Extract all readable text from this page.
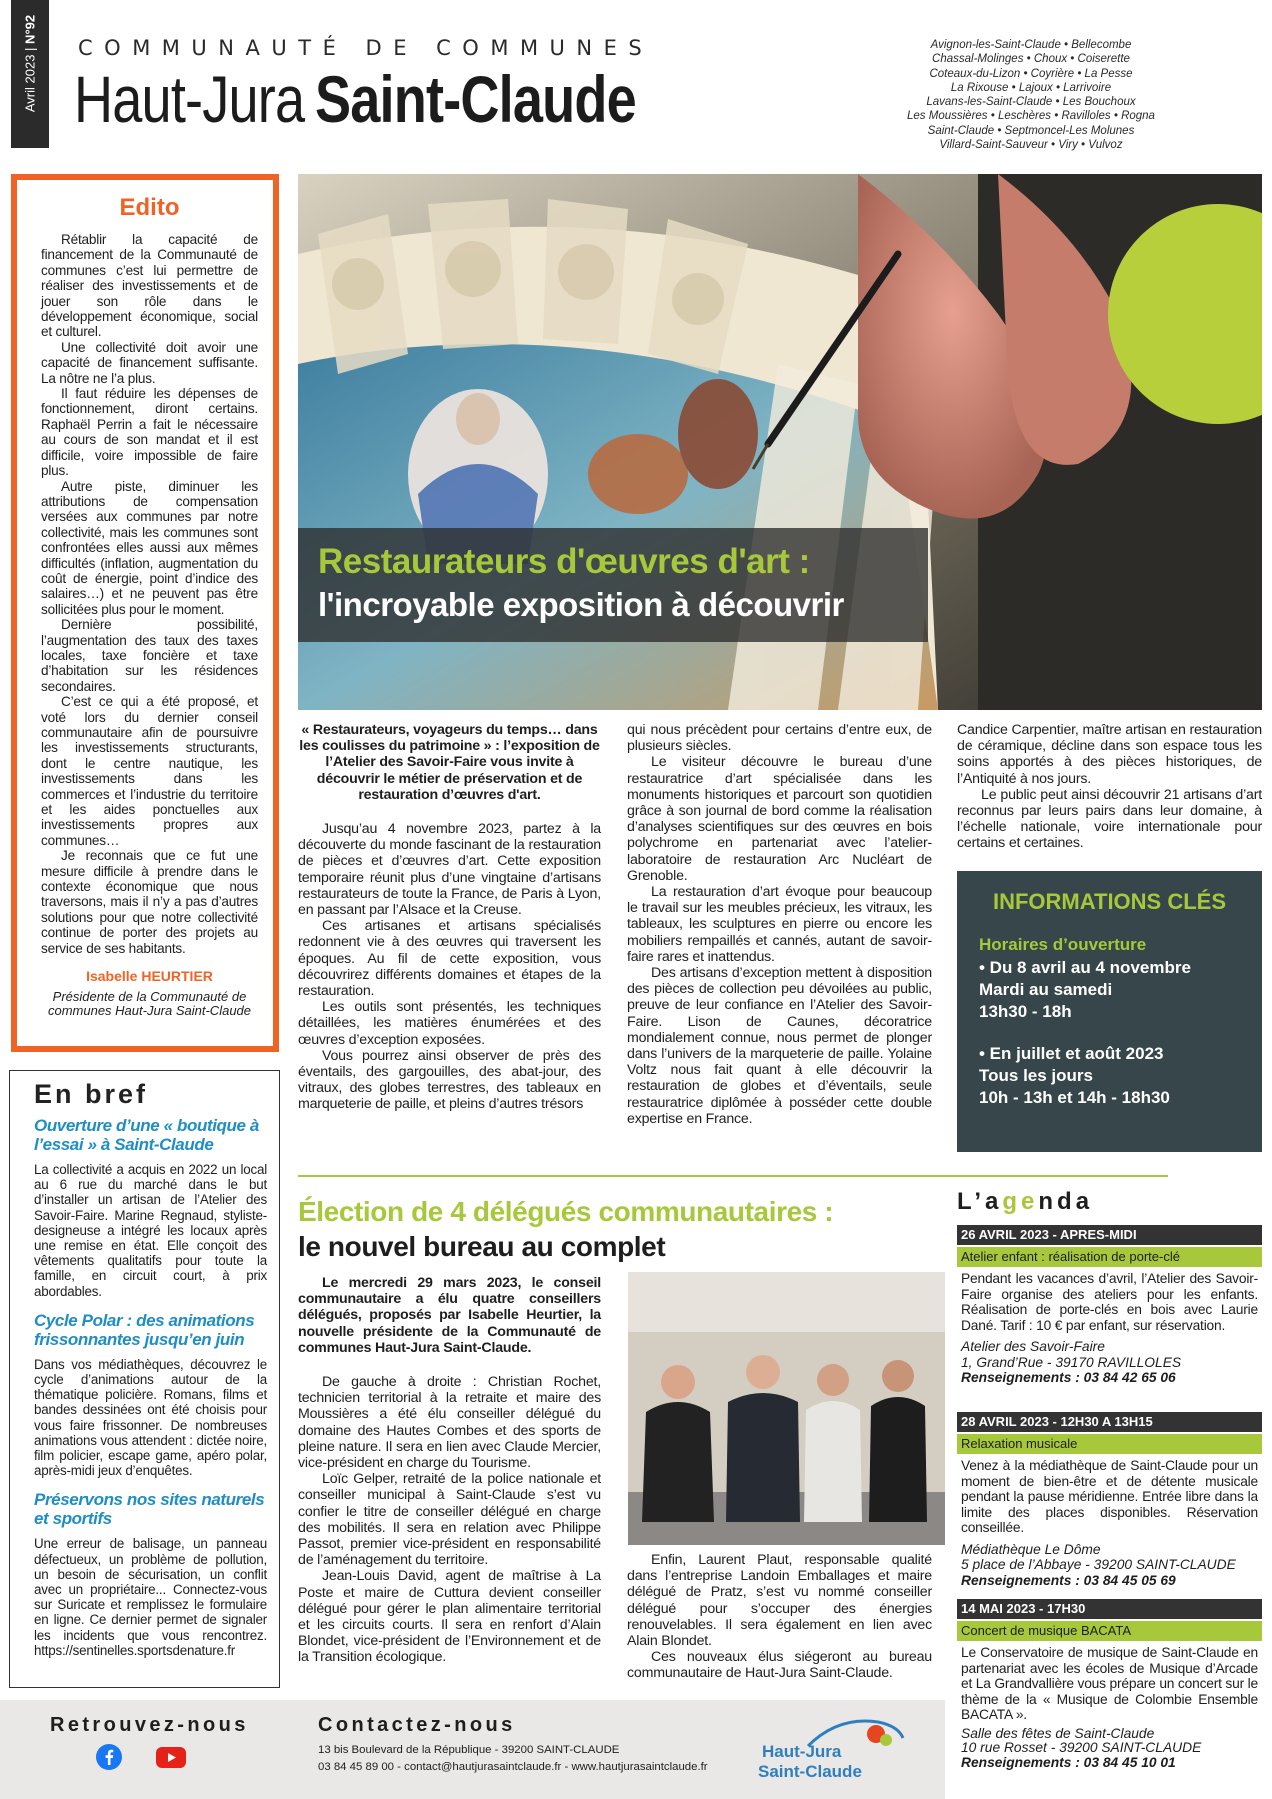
Avril 2023 | N°92
COMMUNAUTÉ DE COMMUNES
Haut-JuraSaint-Claude
Avignon-les-Saint-Claude • Bellecombe
Chassal-Molinges • Choux • Coiserette
Coteaux-du-Lizon • Coyrière • La Pesse
La Rixouse • Lajoux • Larrivoire
Lavans-les-Saint-Claude • Les Bouchoux
Les Moussières • Leschères • Ravilloles • Rogna
Saint-Claude • Septmoncel-Les Molunes
Villard-Saint-Sauveur • Viry • Vulvoz
Edito

Rétablir la capacité de financement de la Communauté de communes c’est lui permettre de réaliser des investissements et de jouer son rôle dans le développement économique, social et culturel.

Une collectivité doit avoir une capacité de financement suffisante. La nôtre ne l’a plus.

Il faut réduire les dépenses de fonctionnement, diront certains. Raphaël Perrin a fait le nécessaire au cours de son mandat et il est difficile, voire impossible de faire plus.

Autre piste, diminuer les attributions de compensation versées aux communes par notre collectivité, mais les communes sont confrontées elles aussi aux mêmes difficultés (inflation, augmentation du coût de énergie, point d’indice des salaires…) et ne peuvent pas être sollicitées plus pour le moment.

Dernière possibilité, l’augmentation des taux des taxes locales, taxe foncière et taxe d’habitation sur les résidences secondaires.

C’est ce qui a été proposé, et voté lors du dernier conseil communautaire afin de poursuivre les investissements structurants, dont le centre nautique, les investissements dans les commerces et l’industrie du territoire et les aides ponctuelles aux investissements propres aux communes…

Je reconnais que ce fut une mesure difficile à prendre dans le contexte économique que nous traversons, mais il n’y a pas d’autres solutions pour que notre collectivité continue de porter des projets au service de ses habitants.

Isabelle HEURTIER
Présidente de la Communauté de communes Haut-Jura Saint-Claude
En bref
Ouverture d’une « boutique à l’essai » à Saint-Claude

La collectivité a acquis en 2022 un local au 6 rue du marché dans le but d’installer un artisan de l’Atelier des Savoir-Faire. Marine Regnaud, styliste-designeuse a intégré les locaux après une remise en état. Elle conçoit des vêtements qualitatifs pour toute la famille, en circuit court, à prix abordables.

Cycle Polar : des animations frissonnantes jusqu’en juin

Dans vos médiathèques, découvrez le cycle d’animations autour de la thématique policière. Romans, films et bandes dessinées ont été choisis pour vous faire frissonner. De nombreuses animations vous attendent : dictée noire, film policier, escape game, apéro polar, après-midi jeux d’enquêtes.

Préservons nos sites naturels et sportifs

Une erreur de balisage, un panneau défectueux, un problème de pollution, un besoin de sécurisation, un conflit avec un propriétaire... Connectez-vous sur Suricate et remplissez le formulaire en ligne. Ce dernier permet de signaler les incidents que vous rencontrez. https://sentinelles.sportsdenature.fr

Restaurateurs d'œuvres d'art :
l'incroyable exposition à découvrir

« Restaurateurs, voyageurs du temps… dans les coulisses du patrimoine » : l’exposition de l’Atelier des Savoir-Faire vous invite à découvrir le métier de préservation et de restauration d’œuvres d'art.

Jusqu’au 4 novembre 2023, partez à la découverte du monde fascinant de la restauration de pièces et d’œuvres d’art. Cette exposition temporaire réunit plus d’une vingtaine d’artisans restaurateurs de toute la France, de Paris à Lyon, en passant par l’Alsace et la Creuse.

Ces artisanes et artisans spécialisés redonnent vie à des œuvres qui traversent les époques. Au fil de cette exposition, vous découvrirez différents domaines et étapes de la restauration.

Les outils sont présentés, les techniques détaillées, les matières énumérées et des œuvres d’exception exposées.

Vous pourrez ainsi observer de près des éventails, des gargouilles, des abat-jour, des vitraux, des globes terrestres, des tableaux en marqueterie de paille, et pleins d’autres trésors

qui nous précèdent pour certains d’entre eux, de plusieurs siècles.

Le visiteur découvre le bureau d’une restauratrice d’art spécialisée dans les monuments historiques et parcourt son quotidien grâce à son journal de bord comme la réalisation d’analyses scientifiques sur des œuvres en bois polychrome en partenariat avec l’atelier-laboratoire de restauration Arc Nucléart de Grenoble.

La restauration d’art évoque pour beaucoup le travail sur les meubles précieux, les vitraux, les tableaux, les sculptures en pierre ou encore les mobiliers rempaillés et cannés, autant de savoir-faire rares et inattendus.

Des artisans d’exception mettent à disposition des pièces de collection peu dévoilées au public, preuve de leur confiance en l’Atelier des Savoir-Faire. Lison de Caunes, décoratrice mondialement connue, nous permet de plonger dans l’univers de la marqueterie de paille. Yolaine Voltz nous fait quant à elle découvrir la restauration de globes et d’éventails, seule restauratrice diplômée à posséder cette double expertise en France.

Candice Carpentier, maître artisan en restauration de céramique, décline dans son espace tous les soins apportés à des pièces historiques, de l’Antiquité à nos jours.

Le public peut ainsi découvrir 21 artisans d’art reconnus par leurs pairs dans leur domaine, à l’échelle nationale, voire internationale pour certains et certaines.

INFORMATIONS CLÉS
Horaires d’ouverture

• Du 8 avril au 4 novembre

Mardi au samedi

13h30 - 18h

• En juillet et août 2023

Tous les jours

10h - 13h et 14h - 18h30

Élection de 4 délégués communautaires :
le nouvel bureau au complet

Le mercredi 29 mars 2023, le conseil communautaire a élu quatre conseillers délégués, proposés par Isabelle Heurtier, la nouvelle présidente de la Communauté de communes Haut-Jura Saint-Claude.

De gauche à droite : Christian Rochet, technicien territorial à la retraite et maire des Moussières a été élu conseiller délégué du domaine des Hautes Combes et des sports de pleine nature. Il sera en lien avec Claude Mercier, vice-président en charge du Tourisme.

Loïc Gelper, retraité de la police nationale et conseiller municipal à Saint-Claude s’est vu confier le titre de conseiller délégué en charge des mobilités. Il sera en relation avec Philippe Passot, premier vice-président en responsabilité de l’aménagement du territoire.

Jean-Louis David, agent de maîtrise à La Poste et maire de Cuttura devient conseiller délégué pour gérer le plan alimentaire territorial et les circuits courts. Il sera en renfort d’Alain Blondet, vice-président de l’Environnement et de la Transition écologique.

Enfin, Laurent Plaut, responsable qualité dans l’entreprise Landoin Emballages et maire délégué de Pratz, s’est vu nommé conseiller délégué pour s’occuper des énergies renouvelables. Il sera également en lien avec Alain Blondet.

Ces nouveaux élus siégeront au bureau communautaire de Haut-Jura Saint-Claude.

L’agenda
26 AVRIL 2023 - APRES-MIDI
Atelier enfant : réalisation de porte-clé
Pendant les vacances d’avril, l’Atelier des Savoir-Faire organise des ateliers pour les enfants. Réalisation de porte-clés en bois avec Laurie Dané. Tarif : 10 € par enfant, sur réservation.
Atelier des Savoir-Faire
1, Grand’Rue - 39170 RAVILLOLES
Renseignements : 03 84 42 65 06
28 AVRIL 2023 - 12H30 A 13H15
Relaxation musicale
Venez à la médiathèque de Saint-Claude pour un moment de bien-être et de détente musicale pendant la pause méridienne. Entrée libre dans la limite des places disponibles. Réservation conseillée.
Médiathèque Le Dôme
5 place de l’Abbaye - 39200 SAINT-CLAUDE
Renseignements : 03 84 45 05 69
14 MAI 2023 - 17H30
Concert de musique BACATA
Le Conservatoire de musique de Saint-Claude en partenariat avec les écoles de Musique d’Arcade et La Grandvallière vous prépare un concert sur le thème de la « Musique de Colombie Ensemble BACATA ».
Salle des fêtes de Saint-Claude
10 rue Rosset - 39200 SAINT-CLAUDE
Renseignements : 03 84 45 10 01
Retrouvez-nous	Contactez-nous
13 bis Boulevard de la République - 39200 SAINT-CLAUDE
03 84 45 89 00 - contact@hautjurasaintclaude.fr - www.hautjurasaintclaude.fr
Haut-Jura
Saint-Claude
